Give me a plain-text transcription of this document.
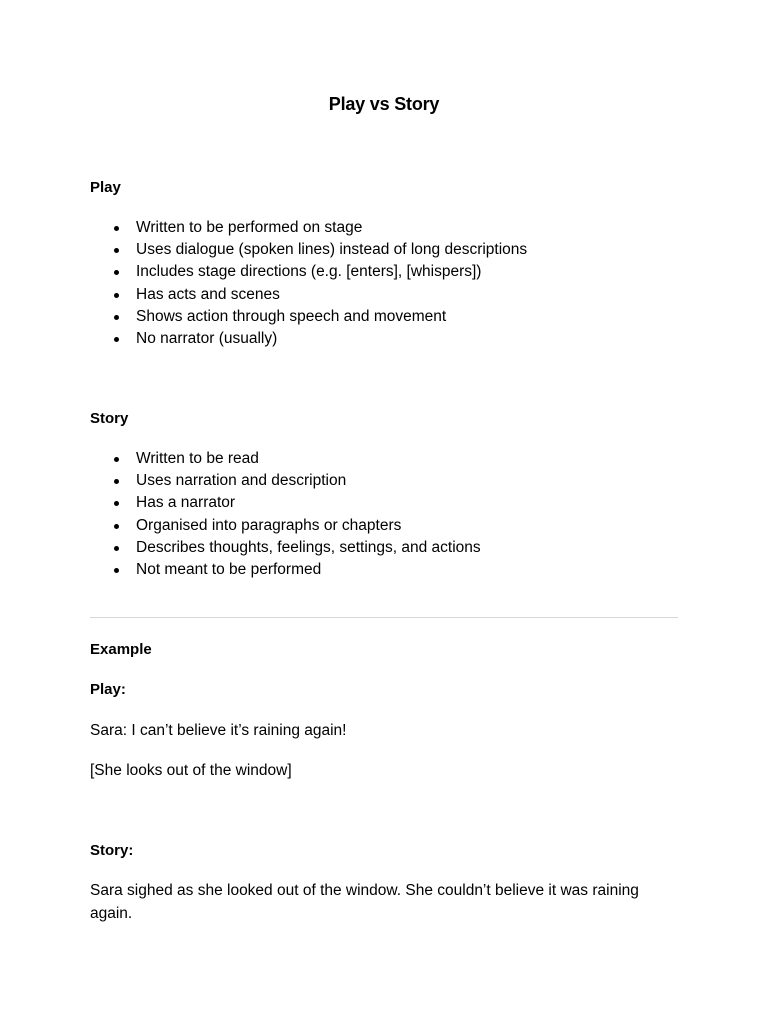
Play vs Story
Play
Written to be performed on stage
Uses dialogue (spoken lines) instead of long descriptions
Includes stage directions (e.g. [enters], [whispers])
Has acts and scenes
Shows action through speech and movement
No narrator (usually)
Story
Written to be read
Uses narration and description
Has a narrator
Organised into paragraphs or chapters
Describes thoughts, feelings, settings, and actions
Not meant to be performed
Example
Play:
Sara: I can’t believe it’s raining again!
[She looks out of the window]
Story:
Sara sighed as she looked out of the window. She couldn’t believe it was raining again.
